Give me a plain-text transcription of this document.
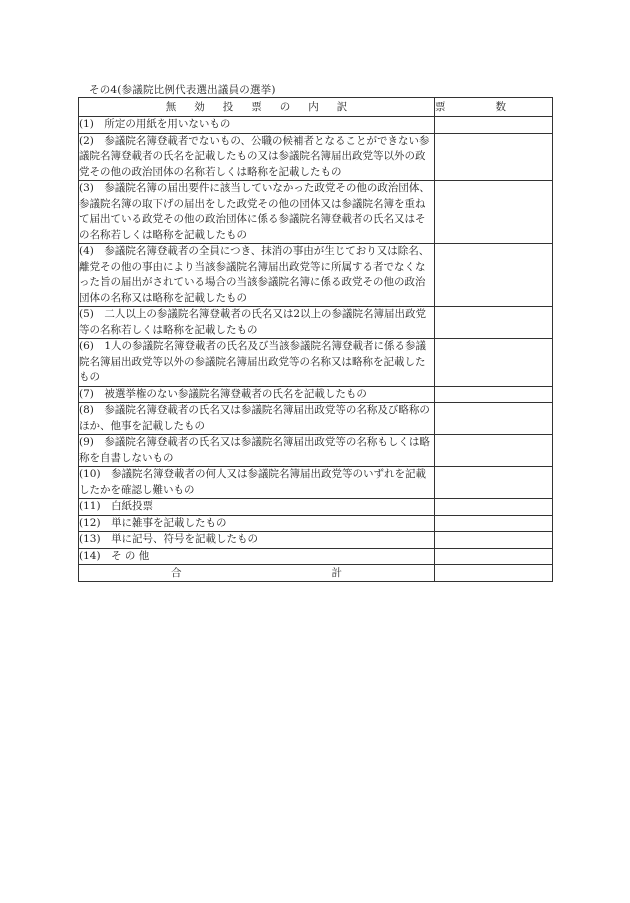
その4(参議院比例代表選出議員の選挙)
無効投票の内訳	票 数
(1)　 所定の用紙を用いないもの	
(2)　 参議院名簿登載者でないもの、公職の候補者となることができない参議院名簿登載者の氏名を記載したもの又は参議院名簿届出政党等以外の政党その他の政治団体の名称若しくは略称を記載したもの	
(3)　 参議院名簿の届出要件に該当していなかった政党その他の政治団体、参議院名簿の取下げの届出をした政党その他の団体又は参議院名簿を重ねて届出ている政党その他の政治団体に係る参議院名簿登載者の氏名又はその名称若しくは略称を記載したもの	
(4)　 参議院名簿登載者の全員につき、抹消の事由が生じており又は除名、離党その他の事由により当該参議院名簿届出政党等に所属する者でなくなった旨の届出がされている場合の当該参議院名簿に係る政党その他の政治団体の名称又は略称を記載したもの	
(5)　 二人以上の参議院名簿登載者の氏名又は2以上の参議院名簿届出政党等の名称若しくは略称を記載したもの	
(6)　 1人の参議院名簿登載者の氏名及び当該参議院名簿登載者に係る参議院名簿届出政党等以外の参議院名簿届出政党等の名称又は略称を記載したもの	
(7)　 被選挙権のない参議院名簿登載者の氏名を記載したもの	
(8)　 参議院名簿登載者の氏名又は参議院名簿届出政党等の名称及び略称のほか、他事を記載したもの	
(9)　 参議院名簿登載者の氏名又は参議院名簿届出政党等の名称もしくは略称を自書しないもの	
(10)　 参議院名簿登載者の何人又は参議院名簿届出政党等のいずれを記載したかを確認し難いもの	
(11)　 白紙投票	
(12)　 単に雑事を記載したもの	
(13)　 単に記号、符号を記載したもの	
(14)　 そ の 他	
合 計	
